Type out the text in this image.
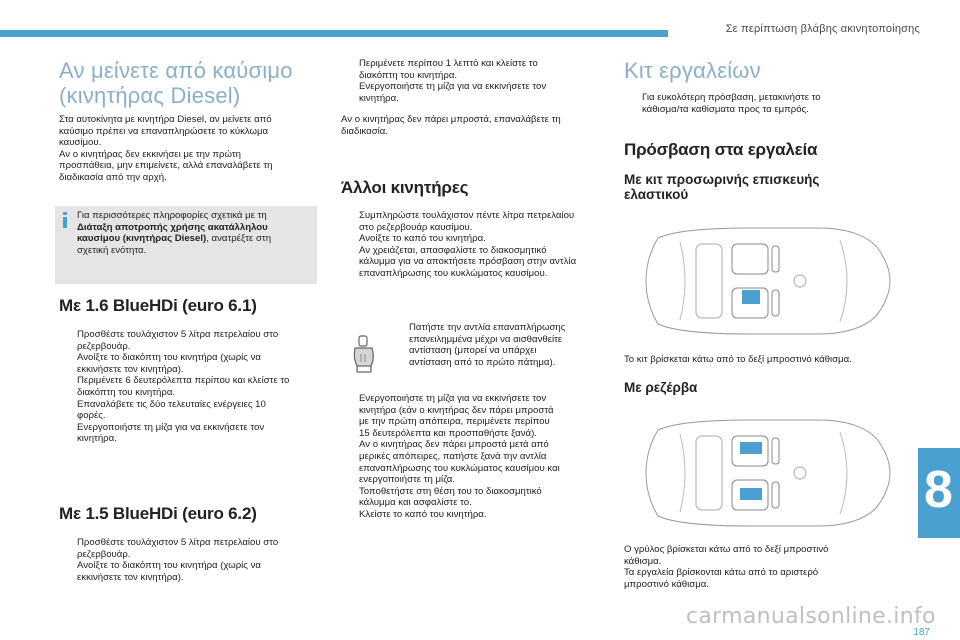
Σε περίπτωση βλάβης ακινητοποίησης
Αν μείνετε από καύσιμο
(κινητήρας Diesel)

Στα αυτοκίνητα με κινητήρα Diesel, αν μείνετε από

καύσιμο πρέπει να επαναπληρώσετε το κύκλωμα

καυσίμου.

Αν ο κινητήρας δεν εκκινήσει με την πρώτη

προσπάθεια, μην επιμείνετε, αλλά επαναλάβετε τη

διαδικασία από την αρχή.

Για περισσότερες πληροφορίες σχετικά με τη
Διάταξη αποτροπής χρήσης ακατάλληλου
καυσίμου (κινητήρας Diesel), ανατρέξτε στη
σχετική ενότητα.
Με 1.6 BlueHDi (euro 6.1)
Προσθέστε τουλάχιστον 5 λίτρα πετρελαίου στο
ρεζερβουάρ.
Ανοίξτε το διακόπτη του κινητήρα (χωρίς να
εκκινήσετε τον κινητήρα).
Περιμένετε 6 δευτερόλεπτα περίπου και κλείστε το
διακόπτη του κινητήρα.
Επαναλάβετε τις δύο τελευταίες ενέργειες 10
φορές.
Ενεργοποιήστε τη μίζα για να εκκινήσετε τον
κινητήρα.
Με 1.5 BlueHDi (euro 6.2)
Προσθέστε τουλάχιστον 5 λίτρα πετρελαίου στο
ρεζερβουάρ.
Ανοίξτε το διακόπτη του κινητήρα (χωρίς να
εκκινήσετε τον κινητήρα).
Περιμένετε περίπου 1 λεπτό και κλείστε το
διακόπτη του κινητήρα.
Ενεργοποιήστε τη μίζα για να εκκινήσετε τον
κινητήρα.

Αν ο κινητήρας δεν πάρει μπροστά, επαναλάβετε τη

διαδικασία.

Άλλοι κινητήρες
Συμπληρώστε τουλάχιστον πέντε λίτρα πετρελαίου
στο ρεζερβουάρ καυσίμου.
Ανοίξτε το καπό του κινητήρα.
Αν χρειάζεται, απασφαλίστε το διακοσμητικό
κάλυμμα για να αποκτήσετε πρόσβαση στην αντλία
επαναπλήρωσης του κυκλώματος καυσίμου.
Πατήστε την αντλία επαναπλήρωσης
επανειλημμένα μέχρι να αισθανθείτε
αντίσταση (μπορεί να υπάρχει
αντίσταση από το πρώτο πάτημα).
Ενεργοποιήστε τη μίζα για να εκκινήσετε τον
κινητήρα (εάν ο κινητήρας δεν πάρει μπροστά
με την πρώτη απόπειρα, περιμένετε περίπου
15 δευτερόλεπτα και προσπαθήστε ξανά).
Αν ο κινητήρας δεν πάρει μπροστά μετά από
μερικές απόπειρες, πατήστε ξανά την αντλία
επαναπλήρωσης του κυκλώματος καυσίμου και
ενεργοποιήστε τη μίζα.
Τοποθετήστε στη θέση του το διακοσμητικό
κάλυμμα και ασφαλίστε το.
Κλείστε το καπό του κινητήρα.
Κιτ εργαλείων
Για ευκολότερη πρόσβαση, μετακινήστε το
κάθισμα/τα καθίσματα προς τα εμπρός.
Πρόσβαση στα εργαλεία
Με κιτ προσωρινής επισκευής
ελαστικού

Το κιτ βρίσκεται κάτω από το δεξί μπροστινό κάθισμα.

Με ρεζέρβα

Ο γρύλος βρίσκεται κάτω από το δεξί μπροστινό

κάθισμα.

Τα εργαλεία βρίσκονται κάτω από το αριστερό

μπροστινό κάθισμα.

8
187
carmanualsonline.info
